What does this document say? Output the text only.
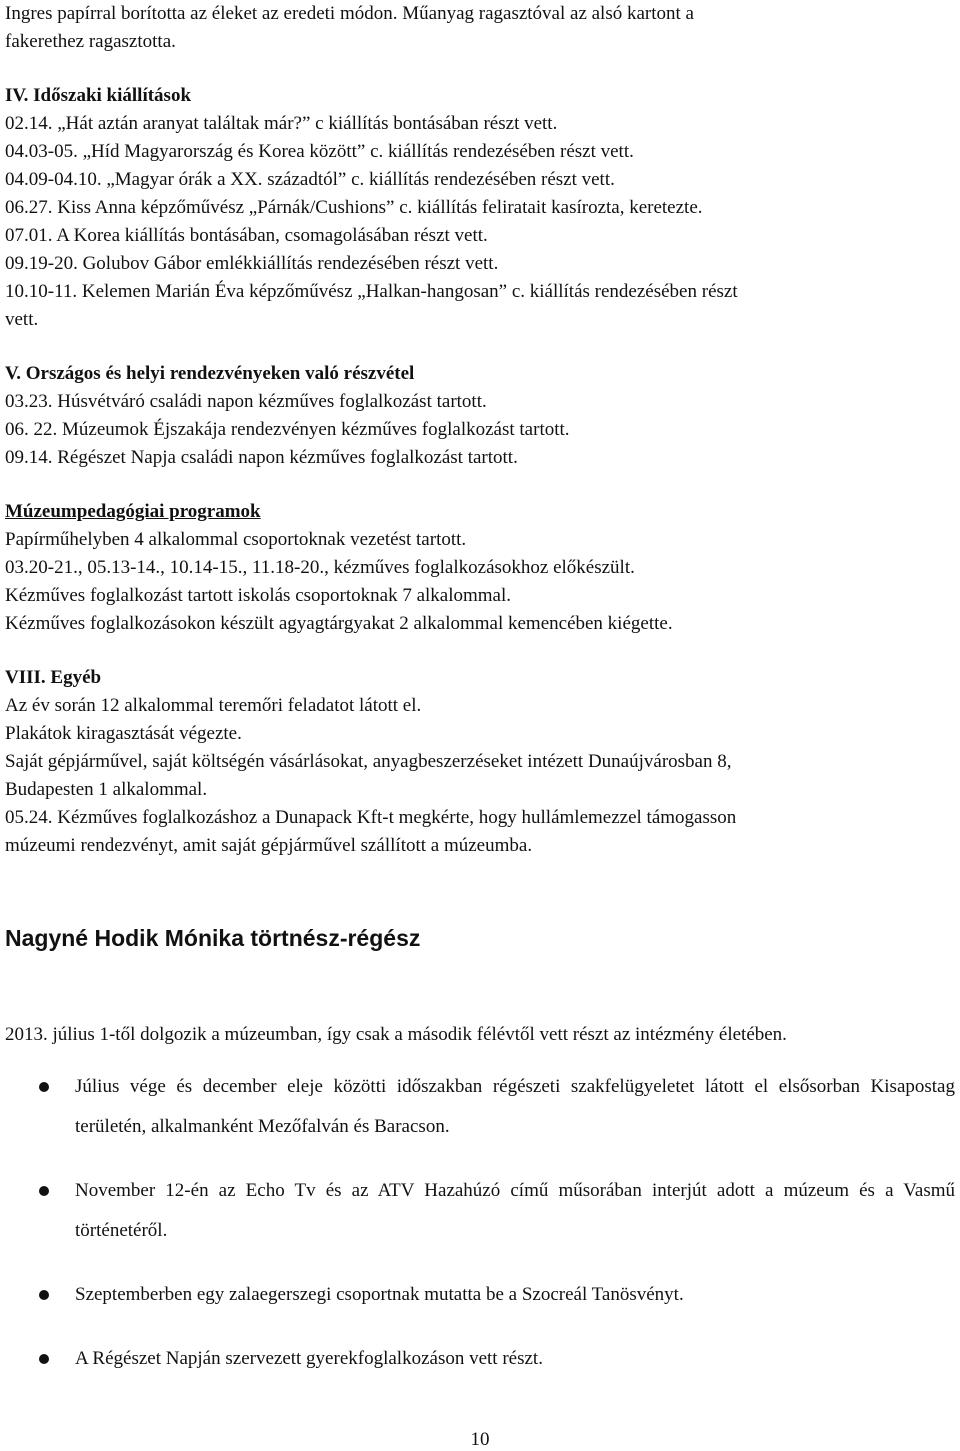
Ingres papírral borította az éleket az eredeti módon. Műanyag ragasztóval az alsó kartont a
fakerethez ragasztotta.
IV. Időszaki kiállítások
02.14. „Hát aztán aranyat találtak már?” c kiállítás bontásában részt vett.
04.03-05. „Híd Magyarország és Korea között” c. kiállítás rendezésében részt vett.
04.09-04.10. „Magyar órák a XX. századtól” c. kiállítás rendezésében részt vett.
06.27. Kiss Anna képzőművész „Párnák/Cushions” c. kiállítás feliratait kasírozta, keretezte.
07.01. A Korea kiállítás bontásában, csomagolásában részt vett.
09.19-20. Golubov Gábor emlékkiállítás rendezésében részt vett.
10.10-11. Kelemen Marián Éva képzőművész „Halkan-hangosan” c. kiállítás rendezésében részt
vett.
V. Országos és helyi rendezvényeken való részvétel
03.23. Húsvétváró családi napon kézműves foglalkozást tartott.
06. 22. Múzeumok Éjszakája rendezvényen kézműves foglalkozást tartott.
09.14. Régészet Napja családi napon kézműves foglalkozást tartott.
Múzeumpedagógiai programok
Papírműhelyben 4 alkalommal csoportoknak vezetést tartott.
03.20-21., 05.13-14., 10.14-15., 11.18-20., kézműves foglalkozásokhoz előkészült.
Kézműves foglalkozást tartott iskolás csoportoknak 7 alkalommal.
Kézműves foglalkozásokon készült agyagtárgyakat 2 alkalommal kemencében kiégette.
VIII. Egyéb
Az év során 12 alkalommal teremőri feladatot látott el.
Plakátok kiragasztását végezte.
Saját gépjárművel, saját költségén vásárlásokat, anyagbeszerzéseket intézett Dunaújvárosban 8,
Budapesten 1 alkalommal.
05.24. Kézműves foglalkozáshoz a Dunapack Kft-t megkérte, hogy hullámlemezzel támogasson
múzeumi rendezvényt, amit saját gépjárművel szállított a múzeumba.
Nagyné Hodik Mónika törtnész-régész
2013. július 1-től dolgozik a múzeumban, így csak a második félévtől vett részt az intézmény életében.
Július vége és december eleje közötti időszakban régészeti szakfelügyeletet látott el elsősorban Kisapostag területén, alkalmanként Mezőfalván és Baracson.
November 12-én az Echo Tv és az ATV Hazahúzó című műsorában interjút adott a múzeum és a Vasmű történetéről.
Szeptemberben egy zalaegerszegi csoportnak mutatta be a Szocreál Tanösvényt.
A Régészet Napján szervezett gyerekfoglalkozáson vett részt.
10
